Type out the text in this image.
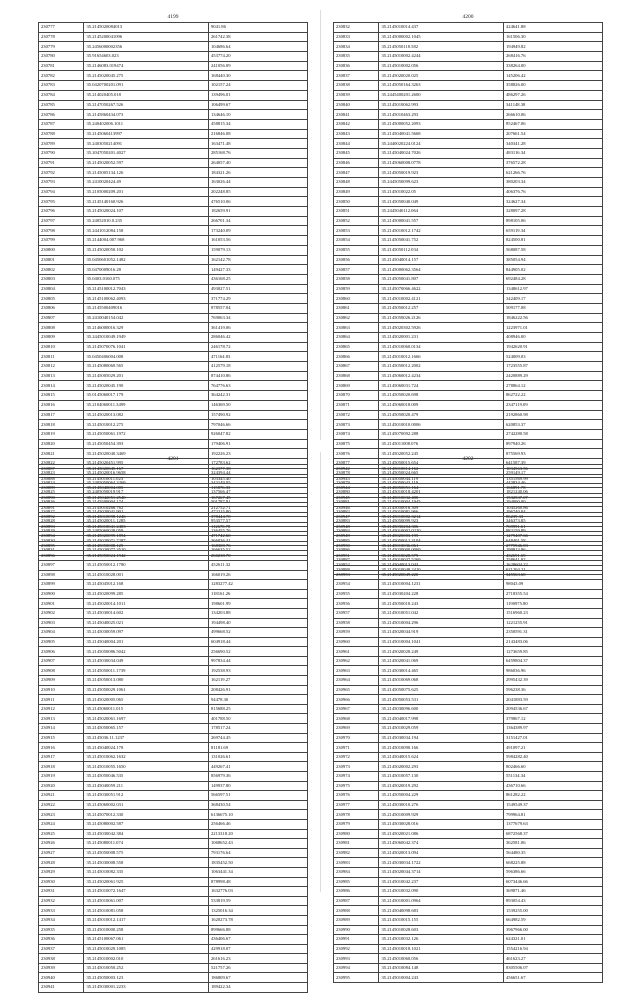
4199
230777	35.2145020084013	9041.86
230778	35.2145200041096	261742.38
230779	35.2456000002356	104686.64
230780	35.91654603.023	453774.20
230781	35.2146083.019474	241056.09
230782	35.2145020045.275	168440.30
230783	35.0420700201.091	102157.24
230784	35.214020405.018	139496.01
230785	35.2147050267.526	106499.67
230786	35.2145860434.073	134646.10
230787	35.240402006.1011	458815.34
230788	35.2145060413997	216846.08
230789	35.2403050214091	163471.48
230790	35.2047050201.4027	285168.76
230791	35.2145020052.597	264057.40
230792	35.2145005134.126	184321.26
230793	35.2410020424.49	163026.44
230794	35.2105000209.201	202248.85
230795	35.2145140160.926	476510.06
230796	35.2145020024.107	182659.91
230797	35.24052010.0.235	266701.34
230798	35.2441012084.158	173240.09
230799	35.2144004.007.968	161053.56
230800	35.2145020050.102	159079.13
230801	35.0450601052.1482	162142.78
230802	35.0470009016.28	149427.33
230803	35.0403.0160.075	436168.25
230804	35.2145100012.7043	493027.51
230805	35.2145100062.4093	371774.29
230806	35.2145500409016	878557.04
230807	35.2410040154.042	769063.34
230808	35.2146000016.329	361419.06
230809	35.2445010049.1949	286046.42
230810	35.2145070076.1041	246178.72
230811	35.0450406004.008	471164.83
230812	35.2145080060.565	412579.18
230813	35.2145005029.201	874410.86
230814	35.2145020045.190	764776.63
230815	35.0145060017.179	364242.31
230816	35.2104060011.3499	146369.50
230817	35.2145020013.082	157490.92
230818	35.2145010012.275	797046.66
230819	35.2145050061.1972	926047.82
230820	35.2145050454.393	179406.91
230821	35.2145020040.3469	192226.23
230822	35.2145020451.995	172783.62
230823	35.2145020016.9658	324394.44
230824	35.2405050064.3269	343149.05
230825	35.2405050019.917	137566.47
230826	35.2145500004.174	501787.81
230827	35.2145020041.901	472215.80
230828	35.2145020011.1285	953577.57
230829	35.2405060028.059	136455.76
230830	35.2145020071.7287	366036.41
230831	35.2145020077.3510	166635.52
4200
230832	35.2145010014.437	424641.88
230833	35.2145000002.1045	161506.30
230834	35.2145050118.582	194949.82
230835	35.2145010002.4244	268416.76
230836	35.2145010002.056	338264.00
230837	35.2145020020.025	145206.42
230838	35.2145050164.3263	358826.00
230839	35.2445400201.2600	486297.26
230840	35.2145010062.993	341148.38
230841	35.2145010463.293	266610.06
230842	35.2145000052.2093	852467.06
230843	35.2145040041.5668	207661.54
230844	35.2440020224.0124	340341.28
230845	35.2145040024.7026	483116.34
230846	35.2145060008.0778	376572.28
230847	35.2145050019.923	621266.76
230848	35.2445050099.623	380203.34
230849	35.2145010022.05	406376.76
230850	35.2145050040.049	324627.34
230851	35.2445040112.064	328097.28
230852	35.2145000041.557	898105.06
230853	35.2145010012.1742	659119.34
230854	35.2145050041.752	824500.81
230855	35.2145050112.034	568087.58
230856	35.2145040014.157	385054.94
230857	35.2145000062.3564	844905.02
230858	35.2145050041.807	692484.28
230859	35.2145070066.4622	1348612.97
230860	35.2145010002.4121	342409.17
230861	35.2145050012.257	509177.08
230862	35.2145050026.2126	1846222.56
230863	35.2145020302.5926	1223971.01
230864	35.2145020001.231	408946.00
230865	35.2145010060.0134	1942620.91
230866	35.2145010012.1666	524009.03
230867	35.2145050012.2002	1723555.87
230868	35.2145060012.4234	2420889.29
230869	35.2145060031.724	278864.12
230870	35.2145050020.698	862722.22
230871	35.2145060018.009	2347119.09
230872	35.2145050020.479	2192860.98
230873	35.2145010010.0006	620853.37
230874	35.2145070092.288	2742280.58
230875	35.2145011008.076	897940.26
230876	35.2145020052.245	875569.93
230877	35.2145050015.654	641587.39
230878	35.2145050024.665	259149.17
230879	35.2145050043.119	443834.46
230880	35.2145010018.4201	1821240.06
230881	35.2145010004.1945	294000.00
230882	35.2145010081.966	296740.04
230883	35.2145050099.923	346373.85
230884	35.2145010002.0220	982159.89
230885	35.2145050012.3104	648401.58
230886	35.2145030000.0069	199913.96
230887	35.2145010037.5269	258641.92
230888	35.2145010048.2410	621204.21
4201
230887	35.2145020045.167	162377.38
230888	35.2145010011.023	103345.40
230889	35.2145040004.005	115876.33
230890	35.2145042051.2540	167267.45
230891	35.2145010266.762	212752.71
230892	35.2145010098.1246	378444.70
230893	35.2145010041.2403	112670.78
230894	35.2145020099.1894	471742.60
230895	35.2145050008.125	168308.76
230896	35.2145050024.1942	260238.70
230897	35.2145050012.1780	452611.32
230898	35.2145010028.001	166019.26
230899	35.2145045012.168	1283277.42
230900	35.2145020099.285	118161.26
230901	35.2145020014.1011	198601.99
230902	35.2145030014.602	134203.88
230903	35.2145040025.021	194498.40
230904	35.2145030059.097	499668.52
230905	35.2145040004.201	604918.44
230906	35.2145050086.5042	256690.52
230907	35.2145030034.049	997834.44
230908	35.2145050011.1739	192538.93
230909	35.2145050013.080	162119.27
230910	35.2145050029.1061	208426.91
230911	35.2145020005.065	94478.30
230912	35.2145060011.015	815688.25
230913	35.2145020061.1697	401788.50
230914	35.2145050065.157	178517.24
230915	35.2145036.11.1237	269744.45
230916	35.2145040024.178	81181.69
230917	35.2145010062.1632	131026.61
230918	35.2145010055.1650	449267.41
230919	35.2145050046.535	856979.36
230920	35.2145040059.211	149937.80
230921	35.2145030051.912	566597.51
230922	35.2145060002.031	368430.54
230923	35.2145070012.330	6136675.10
230924	35.2145080002.587	256466.46
230925	35.2145030042.384	2213318.20
230926	35.2145080011.074	1068652.43
230927	35.2145050008.575	793176.64
230928	35.2145030008.558	1835452.50
230929	35.2145010082.335	1063441.34
230930	35.2145020061.925	878998.48
230931	35.2145010072.1647	1632776.03
230932	35.2145010061.007	533819.59
230933	35.2145010081.058	1325016.34
230934	35.2145010012.1417	1620273.78
230935	35.2145010000.258	899666.88
230936	35.2145100067.061	436406.67
230937	35.2145010029.1085	429918.07
230938	35.2145010002.010	261616.23
230939	35.2145010050.252	521757.26
230940	35.2145050003.123	186809.67
230941	35.2145030001.2233	189422.34
4202
230942	35.2145010014.162	1034563.56
230943	35.2145050044.119	1351569.99
230944	35.2145050051.164	166891.78
230945	35.2145010032.400	1532537.07
230946	35.2145050016.309	1045260.86
230947	35.2145010002.3214	86239.33
230948	35.2145030204.306	769991.61
230949	35.2145020003.195	1279407.66
230950	35.2145010036.061	2775946.03
230951	35.2145010028.579	432691.69
230952	35.2145040013.043	1628604.22
230953	35.2145020049.220	345563.60
230954	35.2145010004.1231	98043.09
230955	35.2145030204.228	2718355.54
230956	35.2145050018.243	1190975.80
230957	35.2145010051.042	1516960.23
230958	35.2145010004.296	1221255.91
230959	35.2145020044.919	2350591.31
230960	35.2145010004.1041	2143483.06
230961	35.2145020028.249	1273659.85
230962	35.2145020041.069	6459804.37
230963	35.2145030014.465	986036.96
230964	35.2145010069.068	2995432.39
230965	35.2145050075.625	596238.36
230966	35.2145050053.531	2041883.59
230967	35.2145030096.600	2094536.67
230968	35.2145040017.998	379867.12
230969	35.2145010029.059	1364389.97
230970	35.2145030034.194	3151427.01
230971	35.2145010090.166	491097.21
230972	35.2145040015.624	5984282.40
230973	35.2145020002.293	802466.60
230974	35.2145010057.130	551134.34
230975	35.2145020019.292	436710.66
230976	35.2145050004.229	861282.22
230977	35.2145030010.276	1549549.37
230978	35.2145010009.929	799964.81
230979	35.2145030028.016	1377679.63
230980	35.2145020021.086	6872568.37
230981	35.2145060042.374	362581.06
230982	35.2145020013.094	564480.35
230983	35.2145030034.1722	668225.88
230984	35.2145020044.3714	596386.66
230985	35.2145010042.237	6073446.66
230986	35.2145010032.090	369871.46
230987	35.2145010001.0964	893054.43
230988	35.2145040098.683	1539255.00
230989	35.2145010015.155	664982.59
230990	35.2145010028.603	3967966.00
230991	35.2145010032.126	624321.01
230992	35.2145010018.1021	1554216.94
230993	35.2145010060.056	461623.27
230994	35.2145010084.148	8305506.07
230995	35.2145010004.243	456651.67
